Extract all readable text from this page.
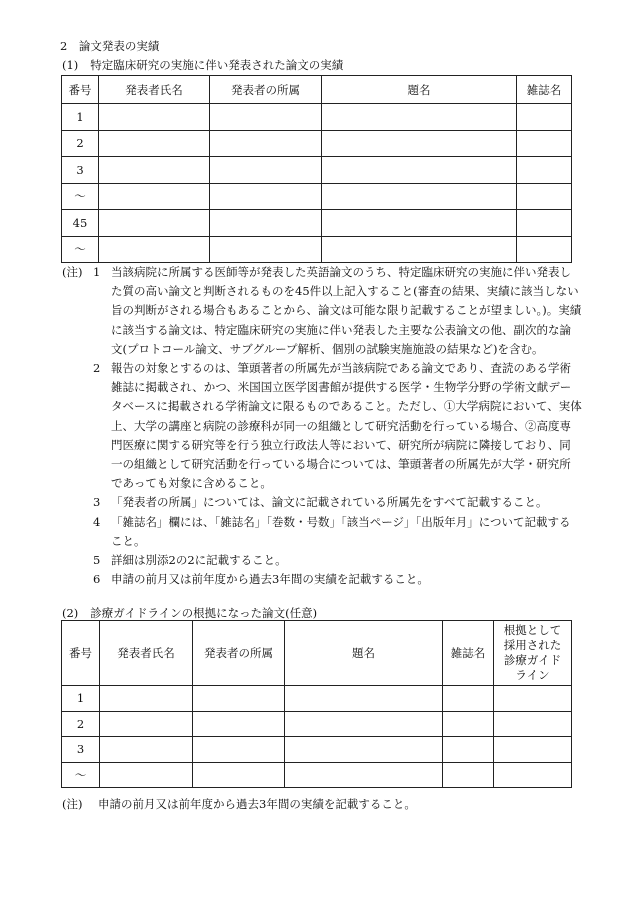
2　論文発表の実績
(1) 特定臨床研究の実施に伴い発表された論文の実績
番号	発表者氏名	発表者の所属	題名	雑誌名
1				
2				
3				
～				
45				
～				
(注) 1 当該病院に所属する医師等が発表した英語論文のうち、特定臨床研究の実施に伴い発表した質の高い論文と判断されるものを45件以上記入すること(審査の結果、実績に該当しない旨の判断がされる場合もあることから、論文は可能な限り記載することが望ましい。)。実績に該当する論文は、特定臨床研究の実施に伴い発表した主要な公表論文の他、副次的な論文(プロトコール論文、サブグループ解析、個別の試験実施施設の結果など)を含む。
2 報告の対象とするのは、筆頭著者の所属先が当該病院である論文であり、査読のある学術雑誌に掲載され、かつ、米国国立医学図書館が提供する医学・生物学分野の学術文献データベースに掲載される学術論文に限るものであること。ただし、①大学病院において、実体上、大学の講座と病院の診療科が同一の組織として研究活動を行っている場合、②高度専門医療に関する研究等を行う独立行政法人等において、研究所が病院に隣接しており、同一の組織として研究活動を行っている場合については、筆頭著者の所属先が大学・研究所であっても対象に含めること。
3 「発表者の所属」については、論文に記載されている所属先をすべて記載すること。
4 「雑誌名」欄には、「雑誌名」「巻数・号数」「該当ページ」「出版年月」について記載すること。
5 詳細は別添2の2に記載すること。
6 申請の前月又は前年度から過去3年間の実績を記載すること。
(2) 診療ガイドラインの根拠になった論文(任意)
番号	発表者氏名	発表者の所属	題名	雑誌名	根拠として採用された診療ガイドライン
1					
2					
3					
～					
(注) 申請の前月又は前年度から過去3年間の実績を記載すること。
